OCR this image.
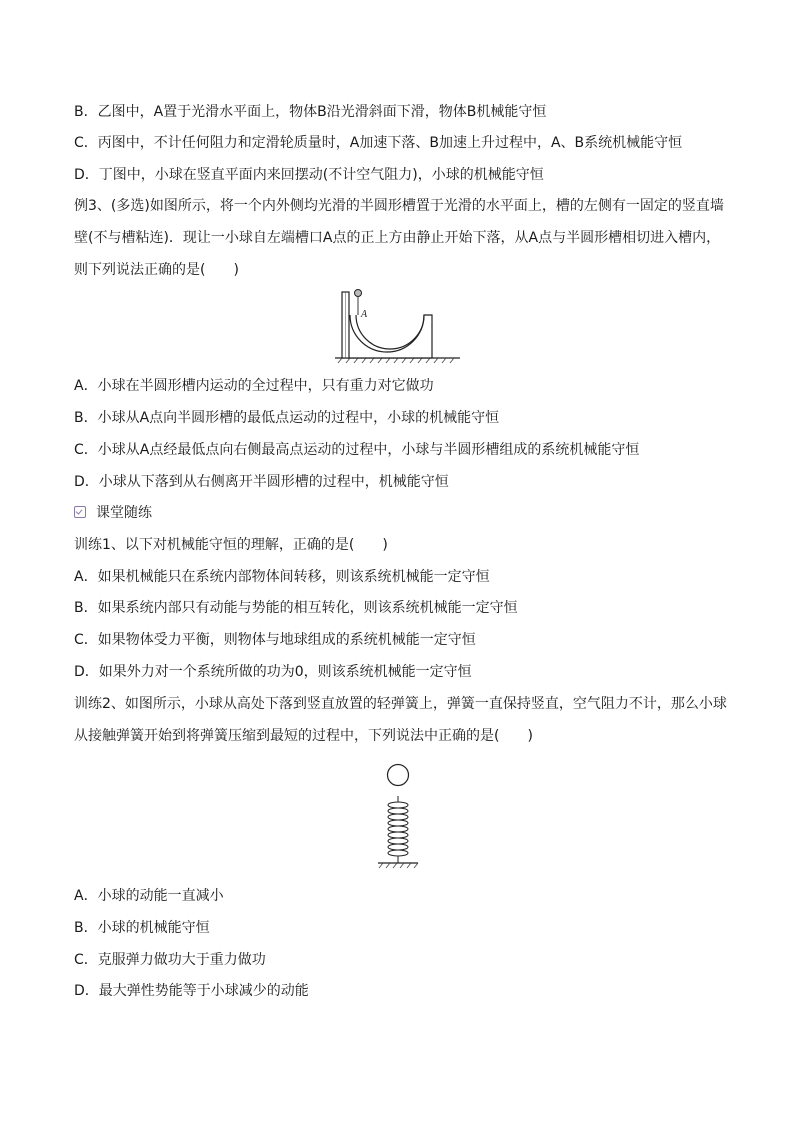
B．乙图中，A置于光滑水平面上，物体B沿光滑斜面下滑，物体B机械能守恒
C．丙图中，不计任何阻力和定滑轮质量时，A加速下落、B加速上升过程中，A、B系统机械能守恒
D．丁图中，小球在竖直平面内来回摆动(不计空气阻力)，小球的机械能守恒
例3、(多选)如图所示，将一个内外侧均光滑的半圆形槽置于光滑的水平面上，槽的左侧有一固定的竖直墙
壁(不与槽粘连)．现让一小球自左端槽口A点的正上方由静止开始下落，从A点与半圆形槽相切进入槽内，
则下列说法正确的是(　　)
A
A．小球在半圆形槽内运动的全过程中，只有重力对它做功
B．小球从A点向半圆形槽的最低点运动的过程中，小球的机械能守恒
C．小球从A点经最低点向右侧最高点运动的过程中，小球与半圆形槽组成的系统机械能守恒
D．小球从下落到从右侧离开半圆形槽的过程中，机械能守恒
课堂随练
训练1、以下对机械能守恒的理解，正确的是(　　)
A．如果机械能只在系统内部物体间转移，则该系统机械能一定守恒
B．如果系统内部只有动能与势能的相互转化，则该系统机械能一定守恒
C．如果物体受力平衡，则物体与地球组成的系统机械能一定守恒
D．如果外力对一个系统所做的功为0，则该系统机械能一定守恒
训练2、如图所示，小球从高处下落到竖直放置的轻弹簧上，弹簧一直保持竖直，空气阻力不计，那么小球
从接触弹簧开始到将弹簧压缩到最短的过程中，下列说法中正确的是(　　)
A．小球的动能一直减小
B．小球的机械能守恒
C．克服弹力做功大于重力做功
D．最大弹性势能等于小球减少的动能
